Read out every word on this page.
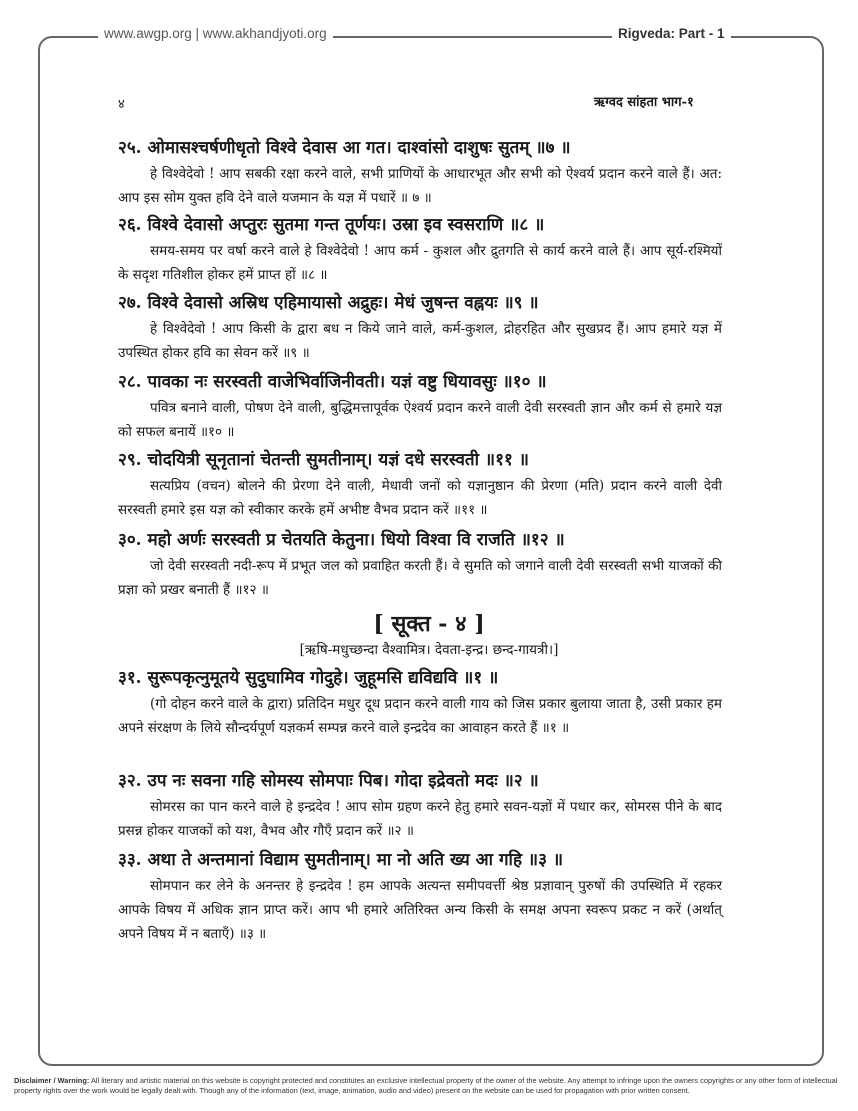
www.awgp.org | www.akhandjyoti.org	Rigveda: Part - 1
४	ऋग्वद सांहता भाग-१
२५. ओमासश्चर्षणीधृतो विश्वे देवास आ गत। दाश्वांसो दाशुषः सुतम् ॥७ ॥
हे विश्वेदेवो ! आप सबकी रक्षा करने वाले, सभी प्राणियों के आधारभूत और सभी को ऐश्वर्य प्रदान करने वाले हैं। अत: आप इस सोम युक्त हवि देने वाले यजमान के यज्ञ में पधारें ॥ ७ ॥
२६. विश्वे देवासो अप्तुरः सुतमा गन्त तूर्णयः। उस्रा इव स्वसराणि ॥८ ॥
समय-समय पर वर्षा करने वाले हे विश्वेदेवो ! आप कर्म - कुशल और द्रुतगति से कार्य करने वाले हैं। आप सूर्य-रश्मियों के सदृश गतिशील होकर हमें प्राप्त हों ॥८ ॥
२७. विश्वे देवासो अस्रिध एहिमायासो अद्रुहः। मेधं जुषन्त वह्नयः ॥९ ॥
हे विश्वेदेवो ! आप किसी के द्वारा बध न किये जाने वाले, कर्म-कुशल, द्रोहरहित और सुखप्रद हैं। आप हमारे यज्ञ में उपस्थित होकर हवि का सेवन करें ॥९ ॥
२८. पावका नः सरस्वती वाजेभिर्वाजिनीवती। यज्ञं वष्टु धियावसुः ॥१० ॥
पवित्र बनाने वाली, पोषण देने वाली, बुद्धिमत्तापूर्वक ऐश्वर्य प्रदान करने वाली देवी सरस्वती ज्ञान और कर्म से हमारे यज्ञ को सफल बनायें ॥१० ॥
२९. चोदयित्री सूनृतानां चेतन्ती सुमतीनाम्। यज्ञं दधे सरस्वती ॥११ ॥
सत्यप्रिय (वचन) बोलने की प्रेरणा देने वाली, मेधावी जनों को यज्ञानुष्ठान की प्रेरणा (मति) प्रदान करने वाली देवी सरस्वती हमारे इस यज्ञ को स्वीकार करके हमें अभीष्ट वैभव प्रदान करें ॥११ ॥
३०. महो अर्णः सरस्वती प्र चेतयति केतुना। धियो विश्वा वि राजति ॥१२ ॥
जो देवी सरस्वती नदी-रूप में प्रभूत जल को प्रवाहित करती हैं। वे सुमति को जगाने वाली देवी सरस्वती सभी याजकों की प्रज्ञा को प्रखर बनाती हैं ॥१२ ॥
[ सूक्त - ४ ]
[ऋषि-मधुच्छन्दा वैश्वामित्र। देवता-इन्द्र। छन्द-गायत्री।]
३१. सुरूपकृत्नुमूतये सुदुघामिव गोदुहे। जुहूमसि द्यविद्यवि ॥१ ॥
(गो दोहन करने वाले के द्वारा) प्रतिदिन मधुर दूध प्रदान करने वाली गाय को जिस प्रकार बुलाया जाता है, उसी प्रकार हम अपने संरक्षण के लिये सौन्दर्यपूर्ण यज्ञकर्म सम्पन्न करने वाले इन्द्रदेव का आवाहन करते हैं ॥१ ॥
३२. उप नः सवना गहि सोमस्य सोमपाः पिब। गोदा इद्रेवतो मदः ॥२ ॥
सोमरस का पान करने वाले हे इन्द्रदेव ! आप सोम ग्रहण करने हेतु हमारे सवन-यज्ञों में पधार कर, सोमरस पीने के बाद प्रसन्न होकर याजकों को यश, वैभव और गौएँ प्रदान करें ॥२ ॥
३३. अथा ते अन्तमानां विद्याम सुमतीनाम्। मा नो अति ख्य आ गहि ॥३ ॥
सोमपान कर लेने के अनन्तर हे इन्द्रदेव ! हम आपके अत्यन्त समीपवर्त्ती श्रेष्ठ प्रज्ञावान् पुरुषों की उपस्थिति में रहकर आपके विषय में अधिक ज्ञान प्राप्त करें। आप भी हमारे अतिरिक्त अन्य किसी के समक्ष अपना स्वरूप प्रकट न करें (अर्थात् अपने विषय में न बताएँ) ॥३ ॥
Disclaimer / Warning: All literary and artistic material on this website is copyright protected and constitutes an exclusive intellectual property of the owner of the website. Any attempt to infringe upon the owners copyrights or any other form of intellectual property rights over the work would be legally dealt with. Though any of the information (text, image, animation, audio and video) present on the website can be used for propagation with prior written consent.
